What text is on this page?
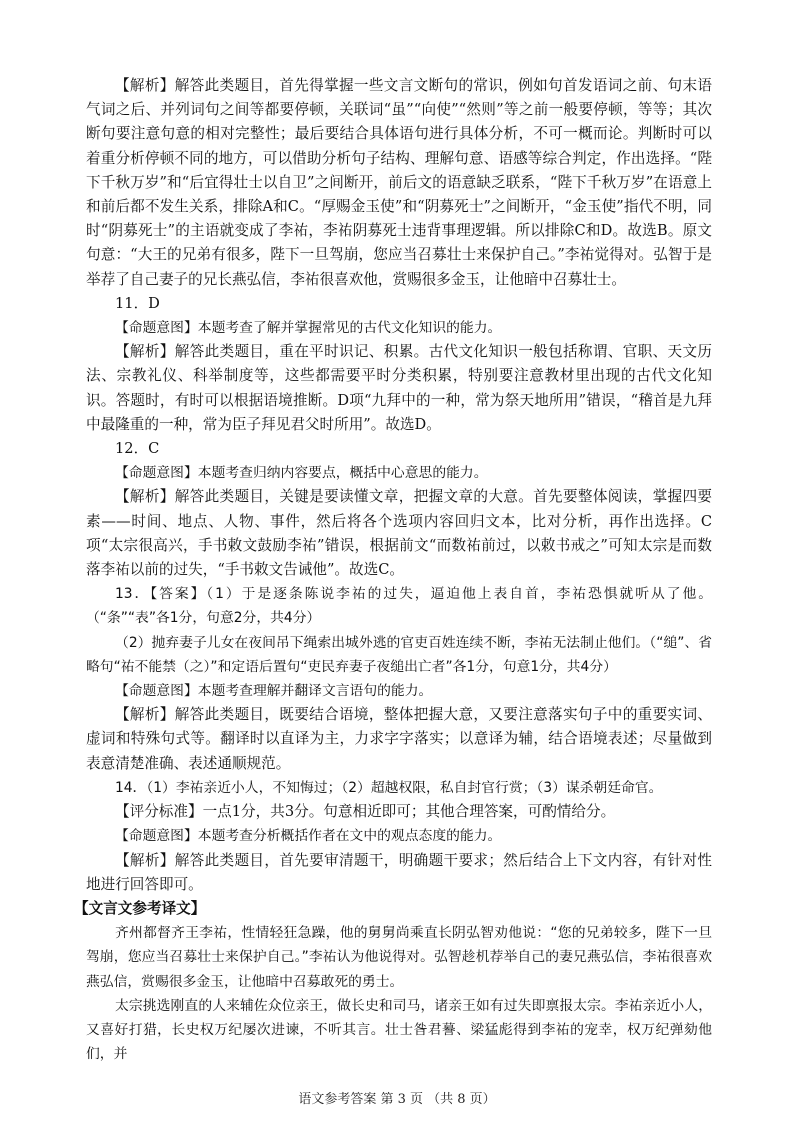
【解析】解答此类题目，首先得掌握一些文言文断句的常识，例如句首发语词之前、句末语气词之后、并列词句之间等都要停顿，关联词“虽”“向使”“然则”等之前一般要停顿，等等；其次断句要注意句意的相对完整性；最后要结合具体语句进行具体分析，不可一概而论。判断时可以着重分析停顿不同的地方，可以借助分析句子结构、理解句意、语感等综合判定，作出选择。“陛下千秋万岁”和“后宜得壮士以自卫”之间断开，前后文的语意缺乏联系，“陛下千秋万岁”在语意上和前后都不发生关系，排除A和C。“厚赐金玉使”和“阴募死士”之间断开，“金玉使”指代不明，同时“阴募死士”的主语就变成了李祐，李祐阴募死士违背事理逻辑。所以排除C和D。故选B。原文句意：“大王的兄弟有很多，陛下一旦驾崩，您应当召募壮士来保护自己。”李祐觉得对。弘智于是举荐了自己妻子的兄长燕弘信，李祐很喜欢他，赏赐很多金玉，让他暗中召募壮士。

11．D

【命题意图】本题考查了解并掌握常见的古代文化知识的能力。

【解析】解答此类题目，重在平时识记、积累。古代文化知识一般包括称谓、官职、天文历法、宗教礼仪、科举制度等，这些都需要平时分类积累，特别要注意教材里出现的古代文化知识。答题时，有时可以根据语境推断。D项“九拜中的一种，常为祭天地所用”错误，“稽首是九拜中最隆重的一种，常为臣子拜见君父时所用”。故选D。

12．C

【命题意图】本题考查归纳内容要点，概括中心意思的能力。

【解析】解答此类题目，关键是要读懂文章，把握文章的大意。首先要整体阅读，掌握四要素——时间、地点、人物、事件，然后将各个选项内容回归文本，比对分析，再作出选择。C项“太宗很高兴，手书敕文鼓励李祐”错误，根据前文“而数祐前过，以敕书戒之”可知太宗是而数落李祐以前的过失，“手书敕文告诫他”。故选C。

13．【答案】（1）于是逐条陈说李祐的过失，逼迫他上表自首，李祐恐惧就听从了他。（“条”“表”各1分，句意2分，共4分）

（2）抛弃妻子儿女在夜间吊下绳索出城外逃的官吏百姓连续不断，李祐无法制止他们。（“缒”、省略句“祐不能禁（之）”和定语后置句“吏民弃妻子夜缒出亡者”各1分，句意1分，共4分）

【命题意图】本题考查理解并翻译文言语句的能力。

【解析】解答此类题目，既要结合语境，整体把握大意，又要注意落实句子中的重要实词、虚词和特殊句式等。翻译时以直译为主，力求字字落实；以意译为辅，结合语境表述；尽量做到表意清楚准确、表述通顺规范。

14．（1）李祐亲近小人，不知悔过；（2）超越权限，私自封官行赏；（3）谋杀朝廷命官。

【评分标准】一点1分，共3分。句意相近即可；其他合理答案，可酌情给分。

【命题意图】本题考查分析概括作者在文中的观点态度的能力。

【解析】解答此类题目，首先要审清题干，明确题干要求；然后结合上下文内容，有针对性地进行回答即可。

【文言文参考译文】

齐州都督齐王李祐，性情轻狂急躁，他的舅舅尚乘直长阴弘智劝他说：“您的兄弟较多，陛下一旦驾崩，您应当召募壮士来保护自己。”李祐认为他说得对。弘智趁机荐举自己的妻兄燕弘信，李祐很喜欢燕弘信，赏赐很多金玉，让他暗中召募敢死的勇士。

太宗挑选刚直的人来辅佐众位亲王，做长史和司马，诸亲王如有过失即禀报太宗。李祐亲近小人，又喜好打猎，长史权万纪屡次进谏，不听其言。壮士昝君謩、梁猛彪得到李祐的宠幸，权万纪弹劾他们，并

语文参考答案 第 3 页 （共 8 页）
